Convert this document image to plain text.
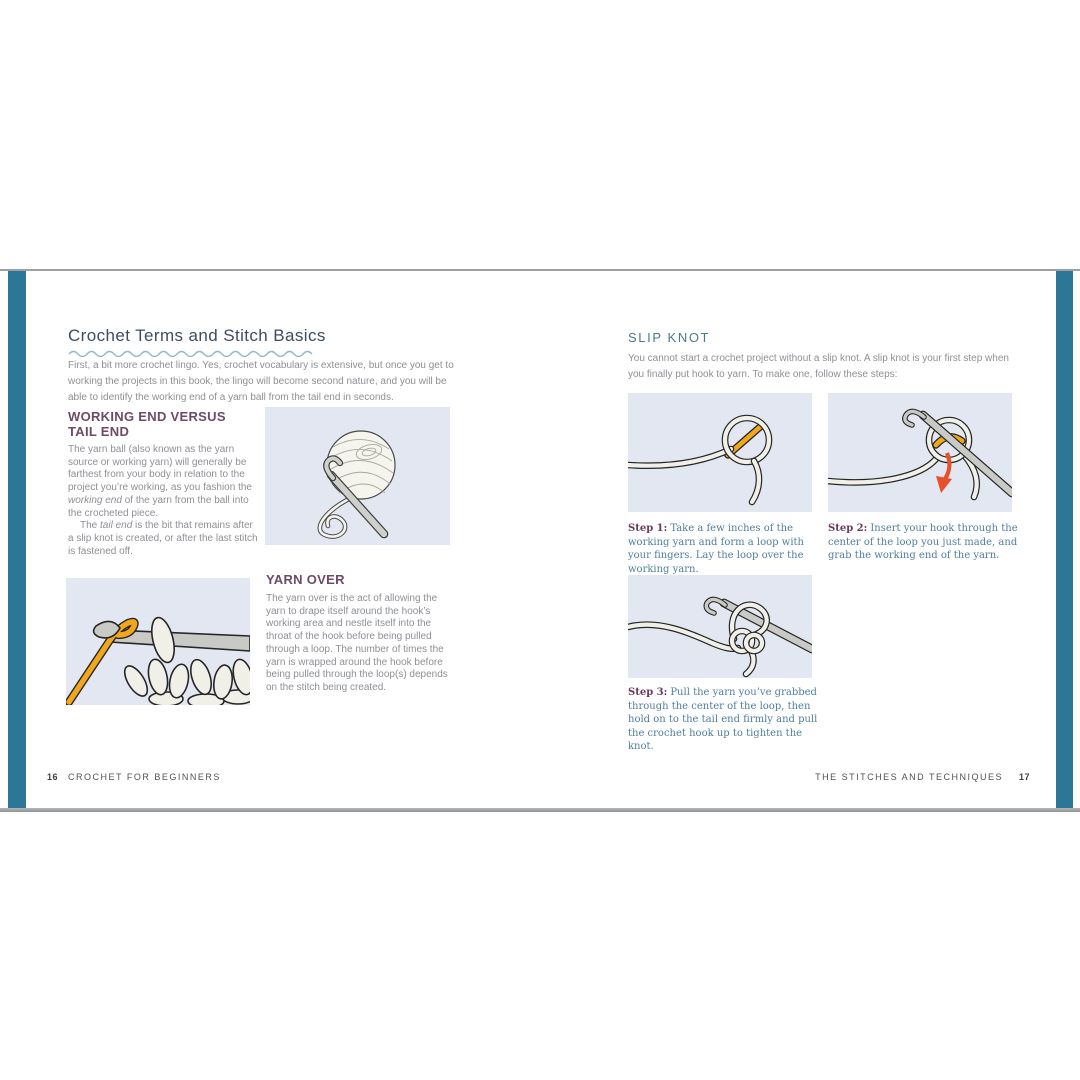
Crochet Terms and Stitch Basics

First, a bit more crochet lingo. Yes, crochet vocabulary is extensive, but once you get to working the projects in this book, the lingo will become second nature, and you will be able to identify the working end of a yarn ball from the tail end in seconds.

WORKING END VERSUS TAIL END

The yarn ball (also known as the yarn source or working yarn) will generally be farthest from your body in relation to the project you’re working, as you fashion the working end of the yarn from the ball into the crocheted piece.

The tail end is the bit that remains after a slip knot is created, or after the last stitch is fastened off.

YARN OVER

The yarn over is the act of allowing the yarn to drape itself around the hook’s working area and nestle itself into the throat of the hook before being pulled through a loop. The number of times the yarn is wrapped around the hook before being pulled through the loop(s) depends on the stitch being created.

16 CROCHET FOR BEGINNERS
SLIP KNOT

You cannot start a crochet project without a slip knot. A slip knot is your first step when you finally put hook to yarn. To make one, follow these steps:

Step 1: Take a few inches of the working yarn and form a loop with your fingers. Lay the loop over the working yarn.

Step 2: Insert your hook through the center of the loop you just made, and grab the working end of the yarn.

Step 3: Pull the yarn you’ve grabbed through the center of the loop, then hold on to the tail end firmly and pull the crochet hook up to tighten the knot.

THE STITCHES AND TECHNIQUES 17
